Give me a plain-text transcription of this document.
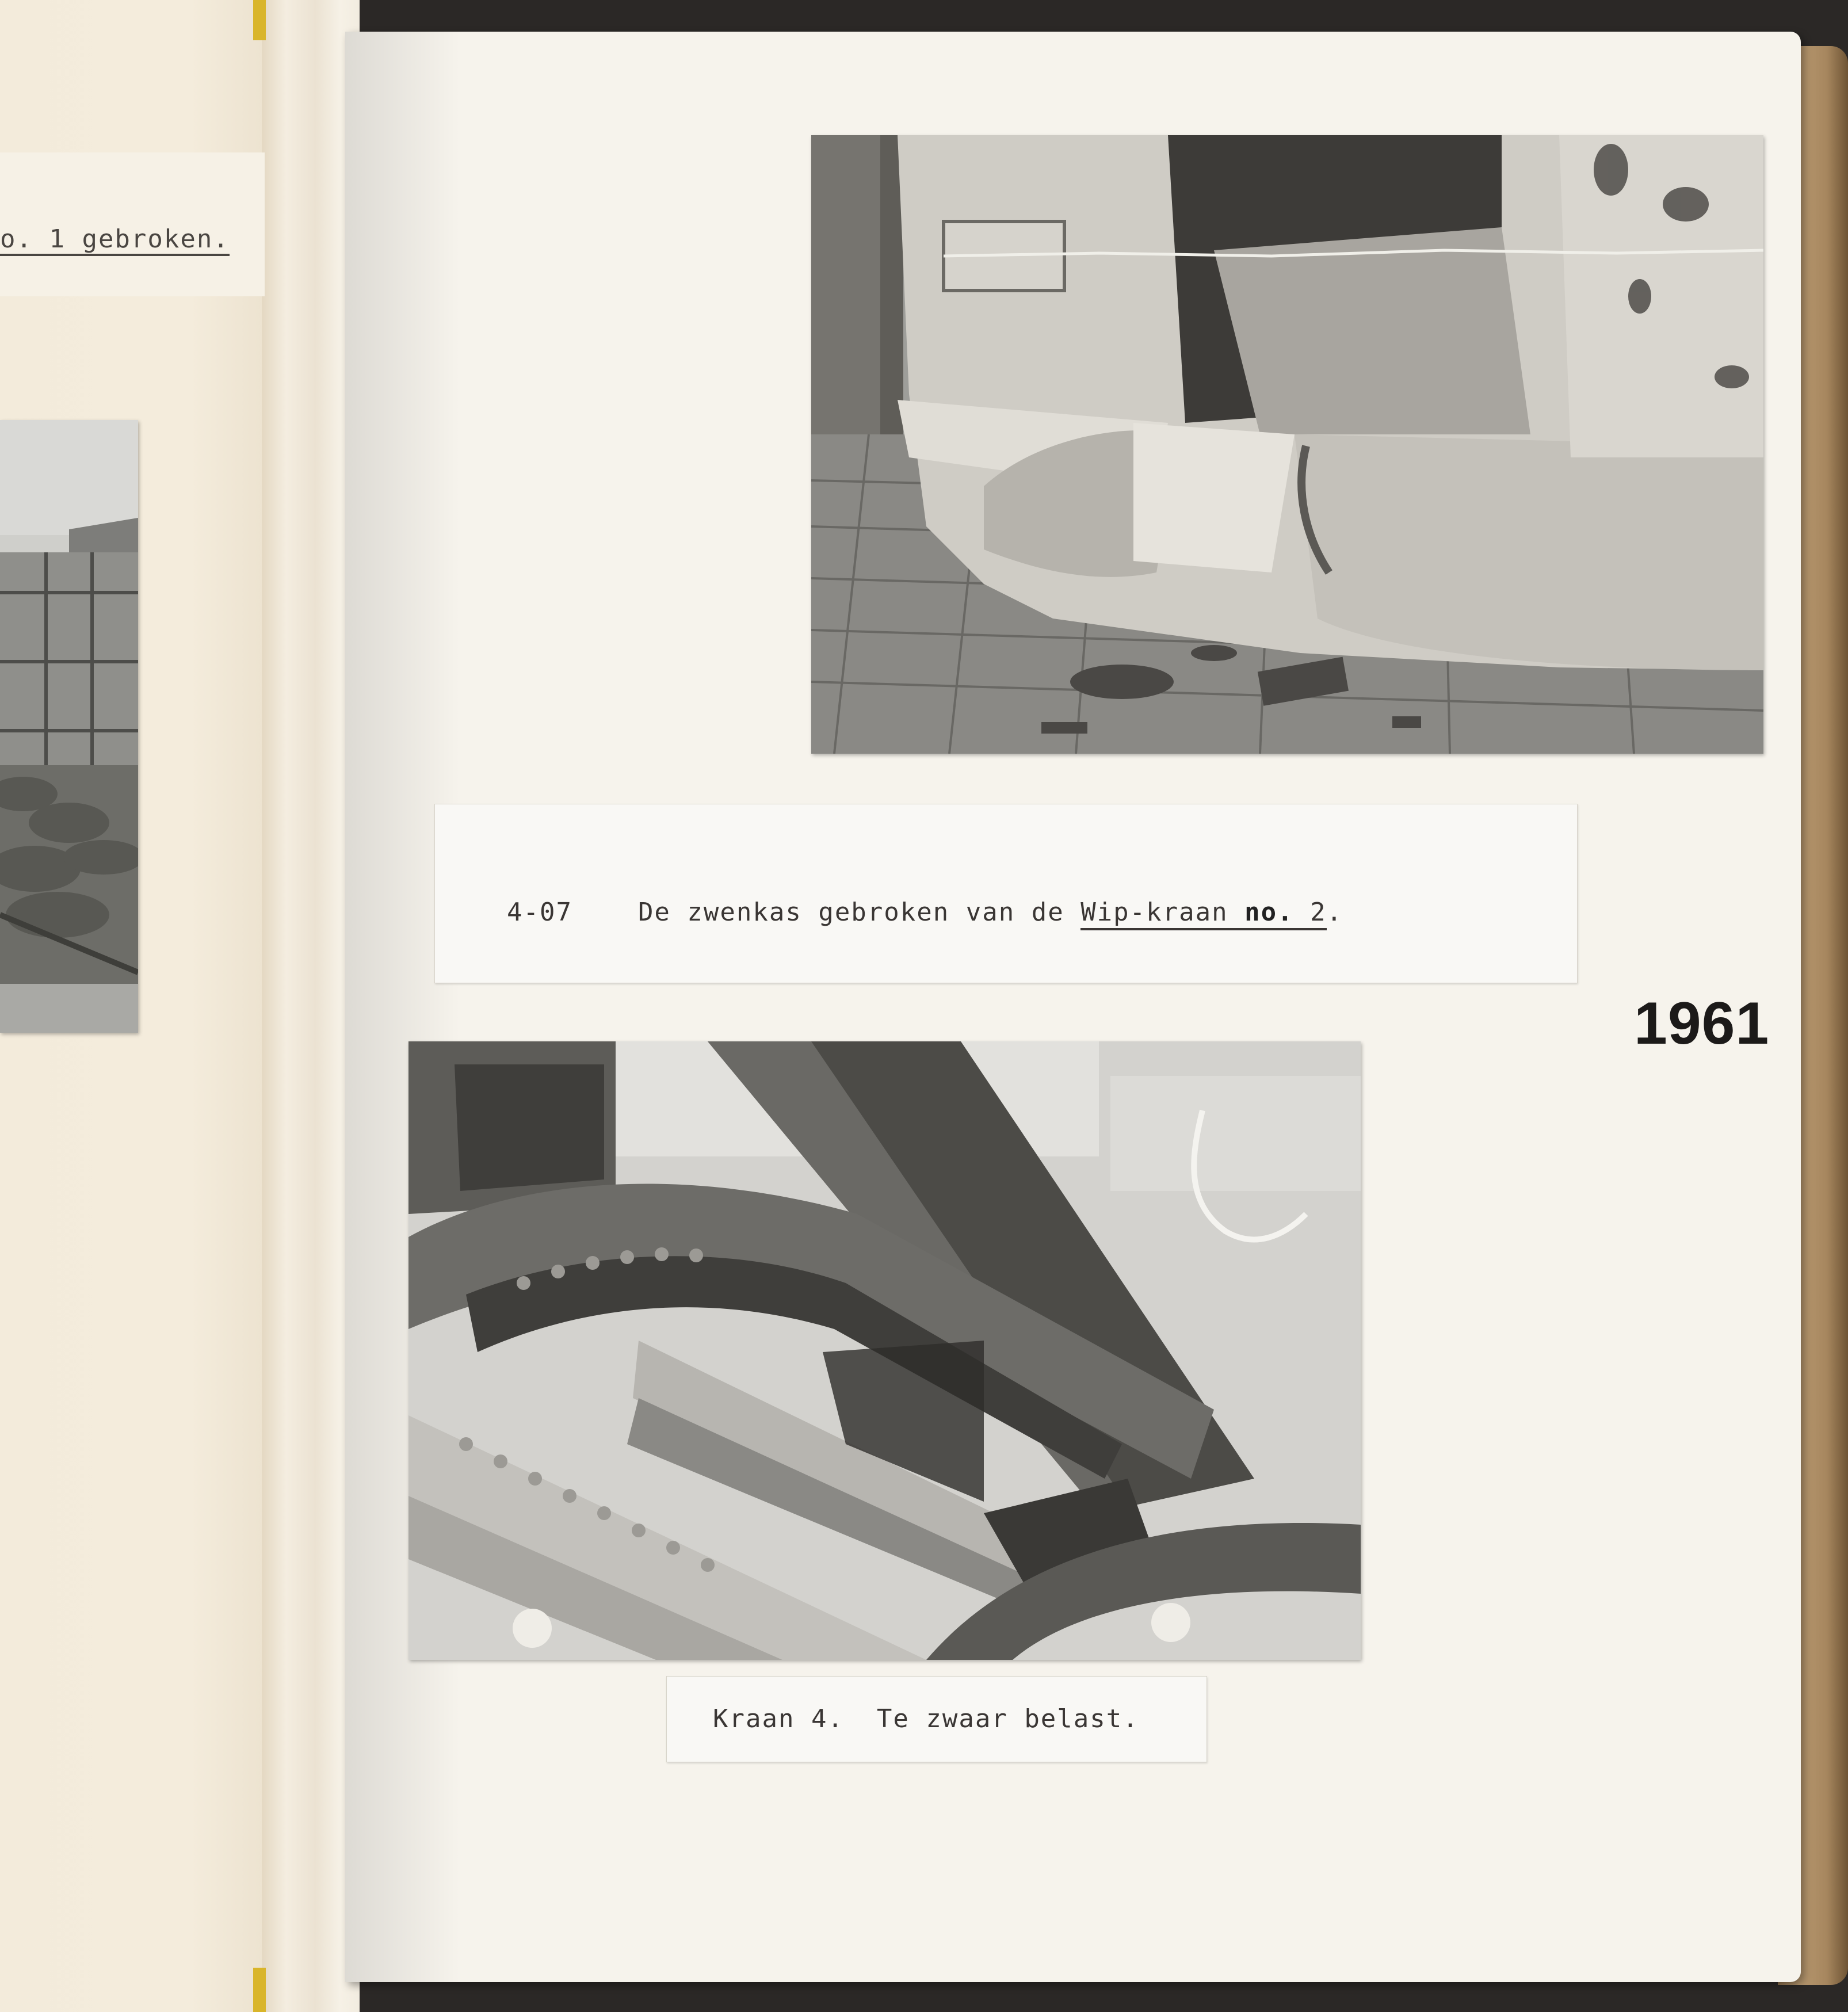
o. 1 gebroken.

4-07	De zwenkas gebroken van de Wip-kraan no. 2.

1961

Kraan 4.  Te zwaar belast.
